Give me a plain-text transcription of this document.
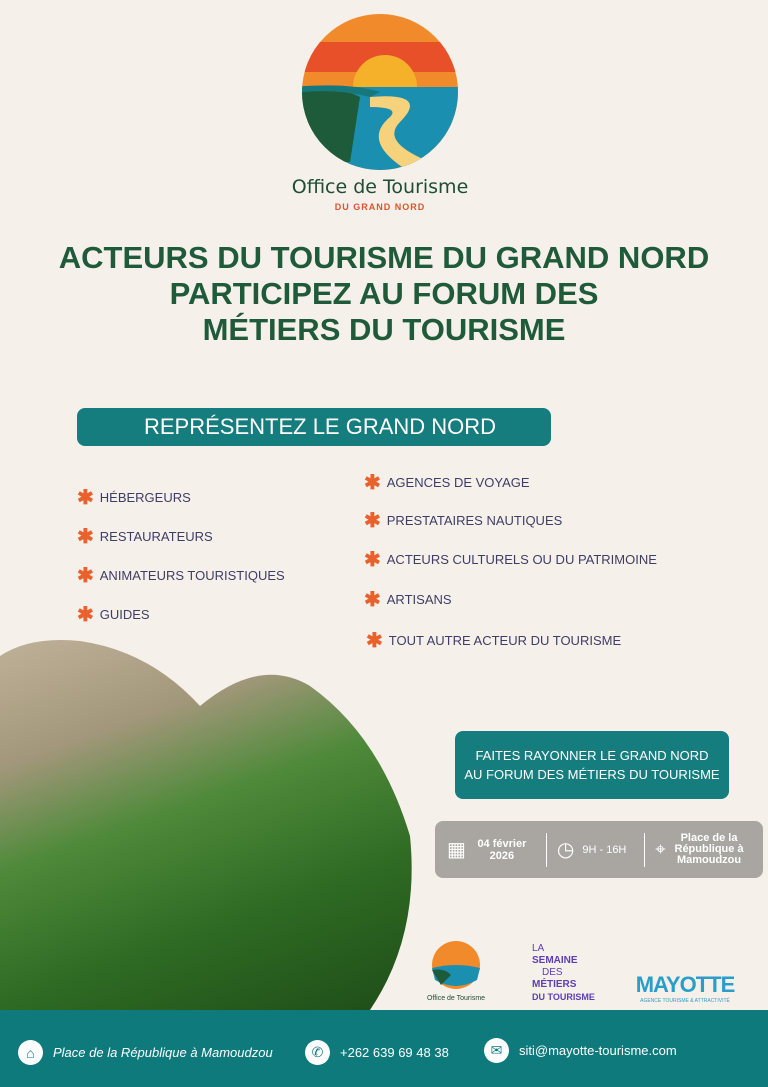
Office de Tourisme
DU GRAND NORD
ACTEURS DU TOURISME DU GRAND NORD
PARTICIPEZ AU FORUM DES
MÉTIERS DU TOURISME
REPRÉSENTEZ LE GRAND NORD
✱ HÉBERGEURS
✱ RESTAURATEURS
✱ ANIMATEURS TOURISTIQUES
✱ GUIDES
✱ AGENCES DE VOYAGE
✱ PRESTATAIRES NAUTIQUES
✱ ACTEURS CULTURELS OU DU PATRIMOINE
✱ ARTISANS
✱ TOUT AUTRE ACTEUR DU TOURISME
FAITES RAYONNER LE GRAND NORD
AU FORUM DES MÉTIERS DU TOURISME
▦	04 février 2026	◷ 9H - 16H ⌖
Place de la République à Mamoudzou
Office de Tourisme
LA
SEMAINE
DES
MÉTIERS
DU TOURISME	MAYOTTE
AGENCE TOURISME & ATTRACTIVITÉ
⌂	Place de la République à Mamoudzou	✆	+262 639 69 48 38	✉	siti@mayotte-tourisme.com
